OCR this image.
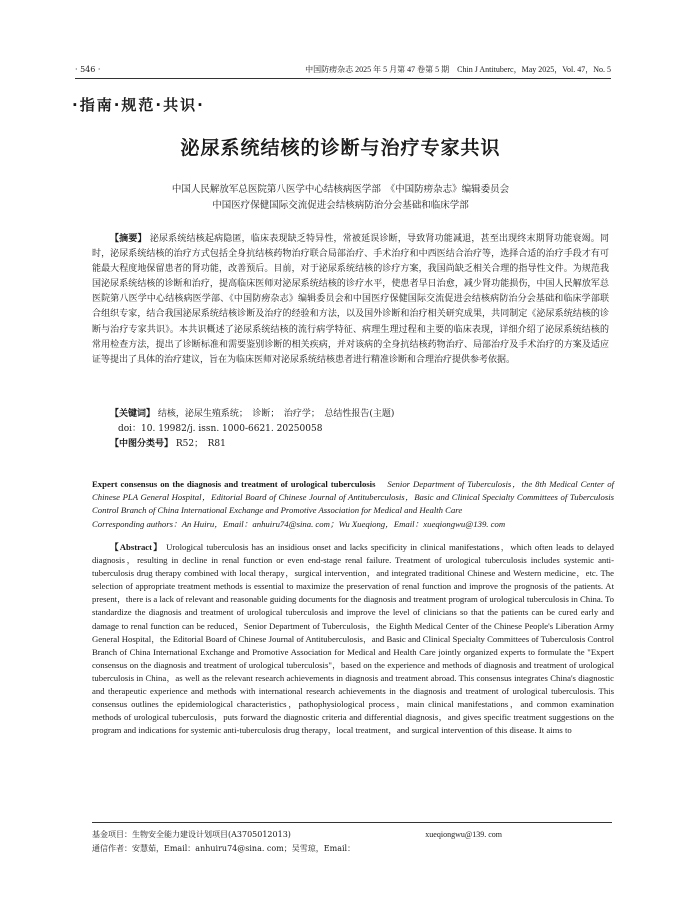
· 546 ·	中国防痨杂志 2025 年 5 月第 47 卷第 5 期　Chin J Antituberc，May 2025，Vol. 47，No. 5
·指南·规范·共识·
泌尿系统结核的诊断与治疗专家共识
中国人民解放军总医院第八医学中心结核病医学部　《中国防痨杂志》编辑委员会
中国医疗保健国际交流促进会结核病防治分会基础和临床学部

【摘要】 泌尿系统结核起病隐匿，临床表现缺乏特异性，常被延误诊断，导致肾功能减退，甚至出现终末期肾功能衰竭。同时，泌尿系统结核的治疗方式包括全身抗结核药物治疗联合局部治疗、手术治疗和中西医结合治疗等，选择合适的治疗手段才有可能最大程度地保留患者的肾功能，改善预后。目前，对于泌尿系统结核的诊疗方案，我国尚缺乏相关合理的指导性文件。为规范我国泌尿系统结核的诊断和治疗，提高临床医师对泌尿系统结核的诊疗水平，使患者早日治愈，减少肾功能损伤，中国人民解放军总医院第八医学中心结核病医学部、《中国防痨杂志》编辑委员会和中国医疗保健国际交流促进会结核病防治分会基础和临床学部联合组织专家，结合我国泌尿系统结核诊断及治疗的经验和方法，以及国外诊断和治疗相关研究成果，共同制定《泌尿系统结核的诊断与治疗专家共识》。本共识概述了泌尿系统结核的流行病学特征、病理生理过程和主要的临床表现，详细介绍了泌尿系统结核的常用检查方法，提出了诊断标准和需要鉴别诊断的相关疾病，并对该病的全身抗结核药物治疗、局部治疗及手术治疗的方案及适应证等提出了具体的治疗建议，旨在为临床医师对泌尿系统结核患者进行精准诊断和合理治疗提供参考依据。

【关键词】 结核，泌尿生殖系统；　诊断；　治疗学；　总结性报告(主题)
doi：10. 19982/j. issn. 1000-6621. 20250058
【中图分类号】 R52；　R81
Expert consensus on the diagnosis and treatment of urological tuberculosis Senior Department of Tuberculosis，the 8th Medical Center of Chinese PLA General Hospital，Editorial Board of Chinese Journal of Antituberculosis，Basic and Clinical Specialty Committees of Tuberculosis Control Branch of China International Exchange and Promotive Association for Medical and Health Care
Corresponding authors：An Huiru，Email：anhuiru74@sina. com；Wu Xueqiong，Email：xueqiongwu@139. com

【Abstract】 Urological tuberculosis has an insidious onset and lacks specificity in clinical manifestations，which often leads to delayed diagnosis，resulting in decline in renal function or even end-stage renal failure. Treatment of urological tuberculosis includes systemic anti-tuberculosis drug therapy combined with local therapy，surgical intervention，and integrated traditional Chinese and Western medicine，etc. The selection of appropriate treatment methods is essential to maximize the preservation of renal function and improve the prognosis of the patients. At present，there is a lack of relevant and reasonable guiding documents for the diagnosis and treatment program of urological tuberculosis in China. To standardize the diagnosis and treatment of urological tuberculosis and improve the level of clinicians so that the patients can be cured early and damage to renal function can be reduced，Senior Department of Tuberculosis，the Eighth Medical Center of the Chinese People's Liberation Army General Hospital，the Editorial Board of Chinese Journal of Antituberculosis，and Basic and Clinical Specialty Committees of Tuberculosis Control Branch of China International Exchange and Promotive Association for Medical and Health Care jointly organized experts to formulate the "Expert consensus on the diagnosis and treatment of urological tuberculosis"，based on the experience and methods of diagnosis and treatment of urological tuberculosis in China，as well as the relevant research achievements in diagnosis and treatment abroad. This consensus integrates China's diagnostic and therapeutic experience and methods with international research achievements in the diagnosis and treatment of urological tuberculosis. This consensus outlines the epidemiological characteristics，pathophysiological process，main clinical manifestations，and common examination methods of urological tuberculosis，puts forward the diagnostic criteria and differential diagnosis，and gives specific treatment suggestions on the program and indications for systemic anti-tuberculosis drug therapy，local treatment，and surgical intervention of this disease. It aims to

基金项目：生物安全能力建设计划项目(A3705012013)	xueqiongwu@139. com
通信作者：安慧茹，Email：anhuiru74@sina. com；吴雪琼，Email：
